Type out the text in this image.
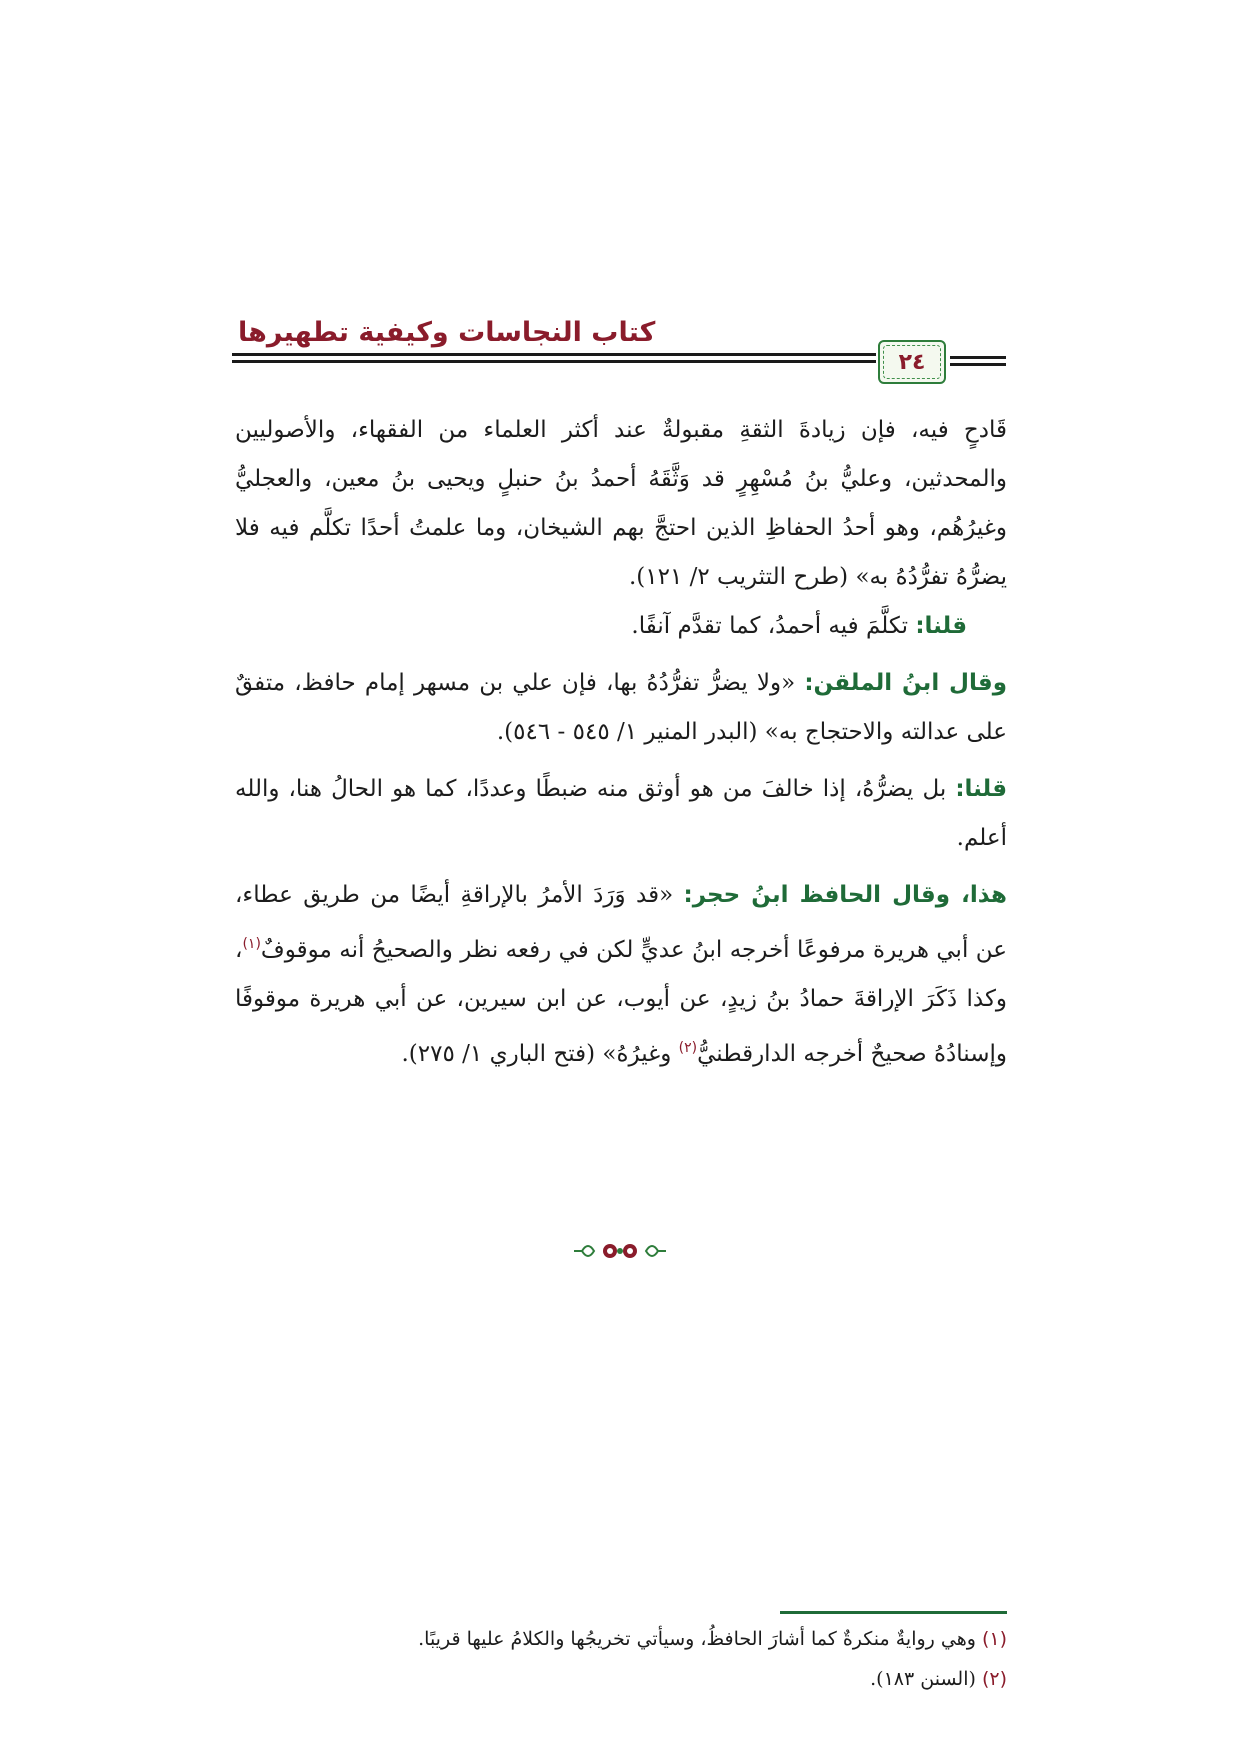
كتاب النجاسات وكيفية تطهيرها
٢٤

قَادحٍ فيه، فإن زيادةَ الثقةِ مقبولةٌ عند أكثر العلماء من الفقهاء، والأصوليين والمحدثين، وعليُّ بنُ مُسْهِرٍ قد وَثَّقَهُ أحمدُ بنُ حنبلٍ ويحيى بنُ معين، والعجليُّ وغيرُهُم، وهو أحدُ الحفاظِ الذين احتجَّ بهم الشيخان، وما علمتُ أحدًا تكلَّم فيه فلا يضرُّهُ تفرُّدُهُ به» (طرح التثريب ٢/ ١٢١).

قلنا: تكلَّمَ فيه أحمدُ، كما تقدَّم آنفًا.

وقال ابنُ الملقن: «ولا يضرُّ تفرُّدُهُ بها، فإن علي بن مسهر إمام حافظ، متفقٌ على عدالته والاحتجاج به» (البدر المنير ١/ ٥٤٥ - ٥٤٦).

قلنا: بل يضرُّهُ، إذا خالفَ من هو أوثق منه ضبطًا وعددًا، كما هو الحالُ هنا، والله أعلم.

هذا، وقال الحافظ ابنُ حجر: «قد وَرَدَ الأمرُ بالإراقةِ أيضًا من طريق عطاء، عن أبي هريرة مرفوعًا أخرجه ابنُ عديٍّ لكن في رفعه نظر والصحيحُ أنه موقوفٌ$^{(١)}$، وكذا ذَكَرَ الإراقةَ حمادُ بنُ زيدٍ، عن أيوب، عن ابن سيرين، عن أبي هريرة موقوفًا وإسنادُهُ صحيحٌ أخرجه الدارقطنيُّ$^{(٢)}$ وغيرُهُ» (فتح الباري ١/ ٢٧٥).

(١) وهي روايةٌ منكرةٌ كما أشارَ الحافظُ، وسيأتي تخريجُها والكلامُ عليها قريبًا.

(٢) (السنن ١٨٣).
